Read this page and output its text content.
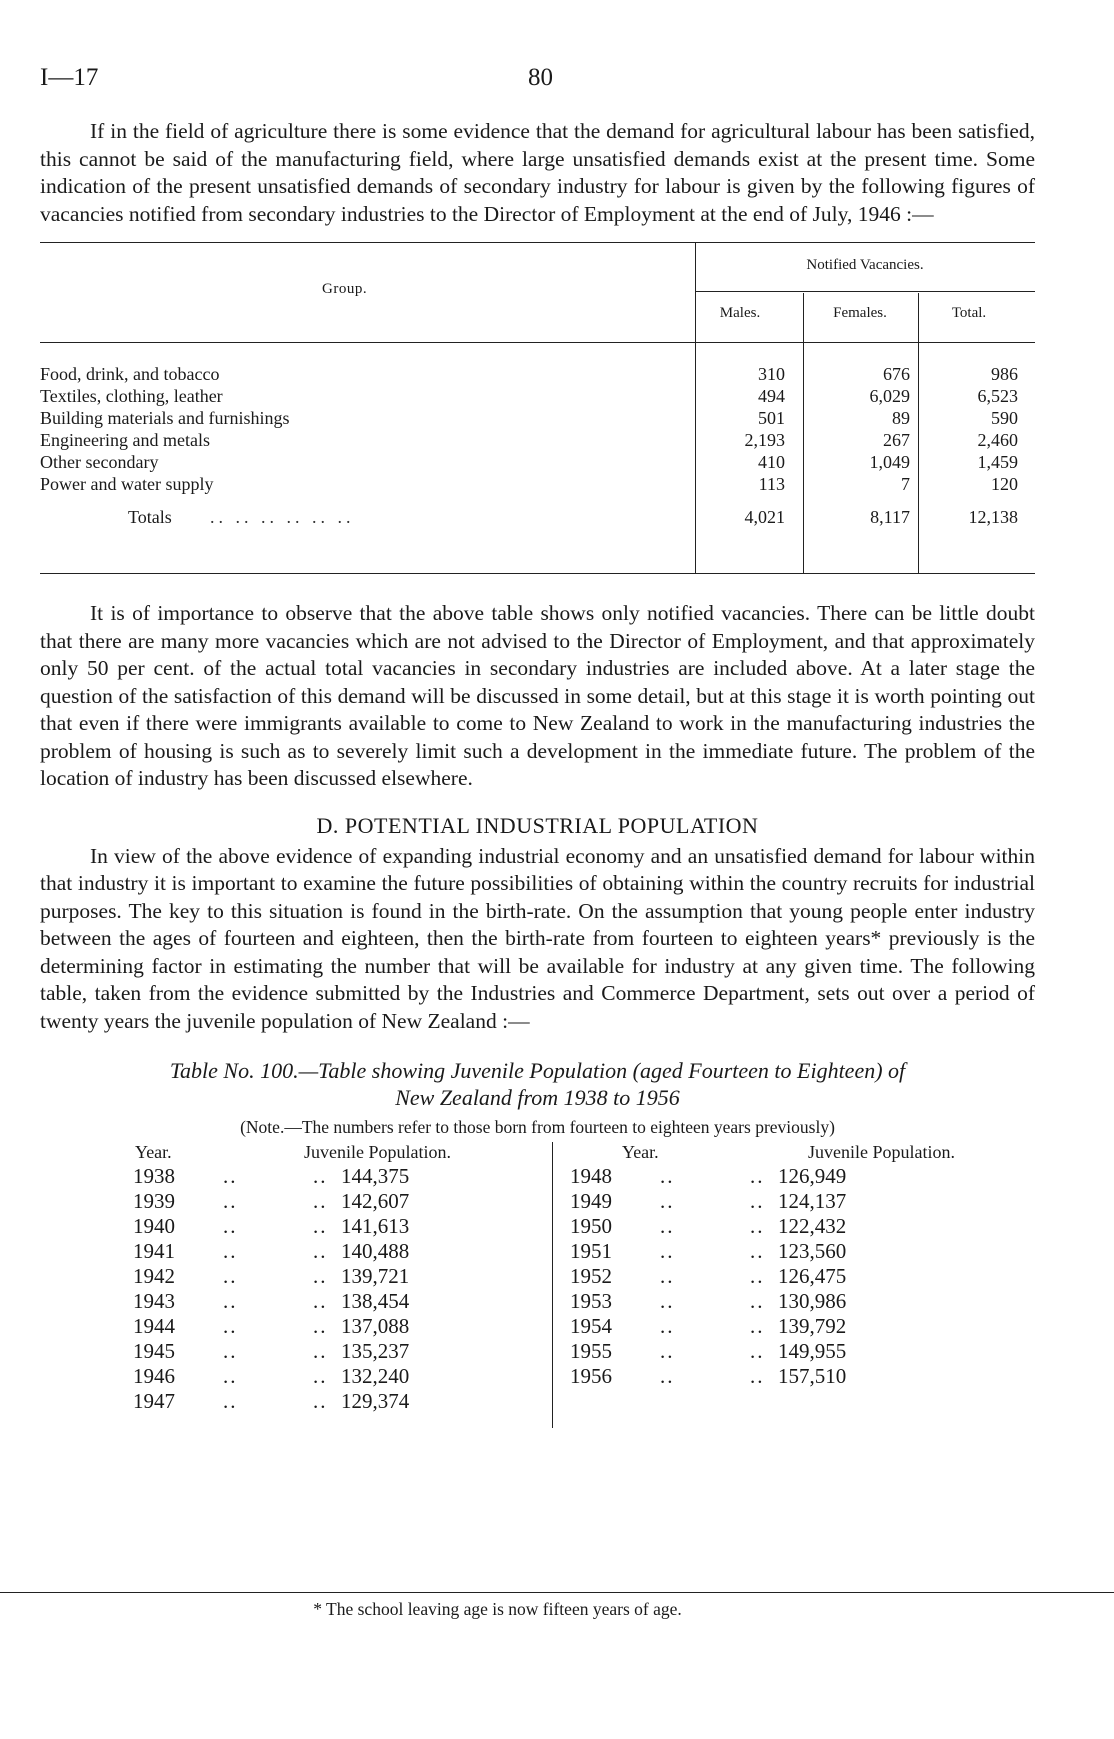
I—17	80

If in the field of agriculture there is some evidence that the demand for agricultural labour has been satisfied, this cannot be said of the manufacturing field, where large unsatisfied demands exist at the present time. Some indication of the present unsatisfied demands of secondary industry for labour is given by the following figures of vacancies notified from secondary industries to the Director of Employment at the end of July, 1946 :—

Group.
Notified Vacancies.
Males.	Females.	Total.
Food, drink, and tobacco	310	676	986
Textiles, clothing, leather	494	6,029	6,523
Building materials and furnishings	501	89	590
Engineering and metals	2,193	267	2,460
Other secondary	410	1,049	1,459
Power and water supply	113	7	120
Totals .. .. .. .. .. ..	4,021	8,117	12,138

It is of importance to observe that the above table shows only notified vacancies. There can be little doubt that there are many more vacancies which are not advised to the Director of Employment, and that approximately only 50 per cent. of the actual total vacancies in secondary industries are included above. At a later stage the question of the satisfaction of this demand will be discussed in some detail, but at this stage it is worth pointing out that even if there were immigrants available to come to New Zealand to work in the manufacturing industries the problem of housing is such as to severely limit such a development in the immediate future. The problem of the location of industry has been discussed elsewhere.

D. POTENTIAL INDUSTRIAL POPULATION

In view of the above evidence of expanding industrial economy and an unsatisfied demand for labour within that industry it is important to examine the future possibilities of obtaining within the country recruits for industrial purposes. The key to this situation is found in the birth-rate. On the assumption that young people enter industry between the ages of fourteen and eighteen, then the birth-rate from fourteen to eighteen years* previously is the determining factor in estimating the number that will be available for industry at any given time. The following table, taken from the evidence submitted by the Industries and Commerce Department, sets out over a period of twenty years the juvenile population of New Zealand :—

Table No. 100.—Table showing Juvenile Population (aged Fourteen to Eighteen) of
New Zealand from 1938 to 1956
(Note.—The numbers refer to those born from fourteen to eighteen years previously)
Year.	Juvenile Population.	Year.	Juvenile Population.
1938 ..	.. 144,375
1939 ..	.. 142,607
1940 ..	.. 141,613
1941 ..	.. 140,488
1942 ..	.. 139,721
1943 ..	.. 138,454
1944 ..	.. 137,088
1945 ..	.. 135,237
1946 ..	.. 132,240
1947 ..	.. 129,374
1948 ..	.. 126,949
1949 ..	.. 124,137
1950 ..	.. 122,432
1951 ..	.. 123,560
1952 ..	.. 126,475
1953 ..	.. 130,986
1954 ..	.. 139,792
1955 ..	.. 149,955
1956 ..	.. 157,510
* The school leaving age is now fifteen years of age.
